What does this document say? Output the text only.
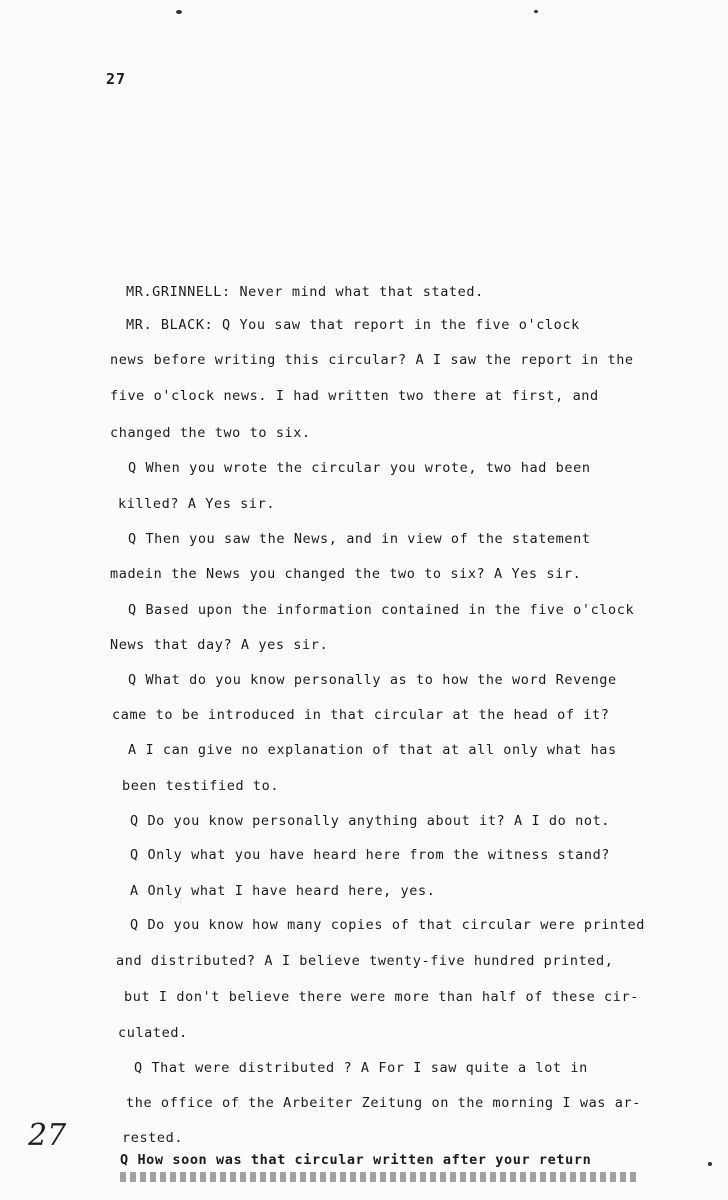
27
MR.GRINNELL: Never mind what that stated.
MR. BLACK: Q You saw that report in the five o'clock
news before writing this circular? A I saw the report in the
five o'clock news. I had written two there at first, and
changed the two to six.
Q When you wrote the circular you wrote, two had been
killed? A Yes sir.
Q Then you saw the News, and in view of the statement
madein the News you changed the two to six? A Yes sir.
Q Based upon the information contained in the five o'clock
News that day? A yes sir.
Q What do you know personally as to how the word Revenge
came to be introduced in that circular at the head of it?
A I can give no explanation of that at all only what has
been testified to.
Q Do you know personally anything about it? A I do not.
Q Only what you have heard here from the witness stand?
A Only what I have heard here, yes.
Q Do you know how many copies of that circular were printed
and distributed? A I believe twenty-five hundred printed,
but I don't believe there were more than half of these cir-
culated.
Q That were distributed ? A For I saw quite a lot in
the office of the Arbeiter Zeitung on the morning I was ar-
rested.
Q How soon was that circular written after your return
27
